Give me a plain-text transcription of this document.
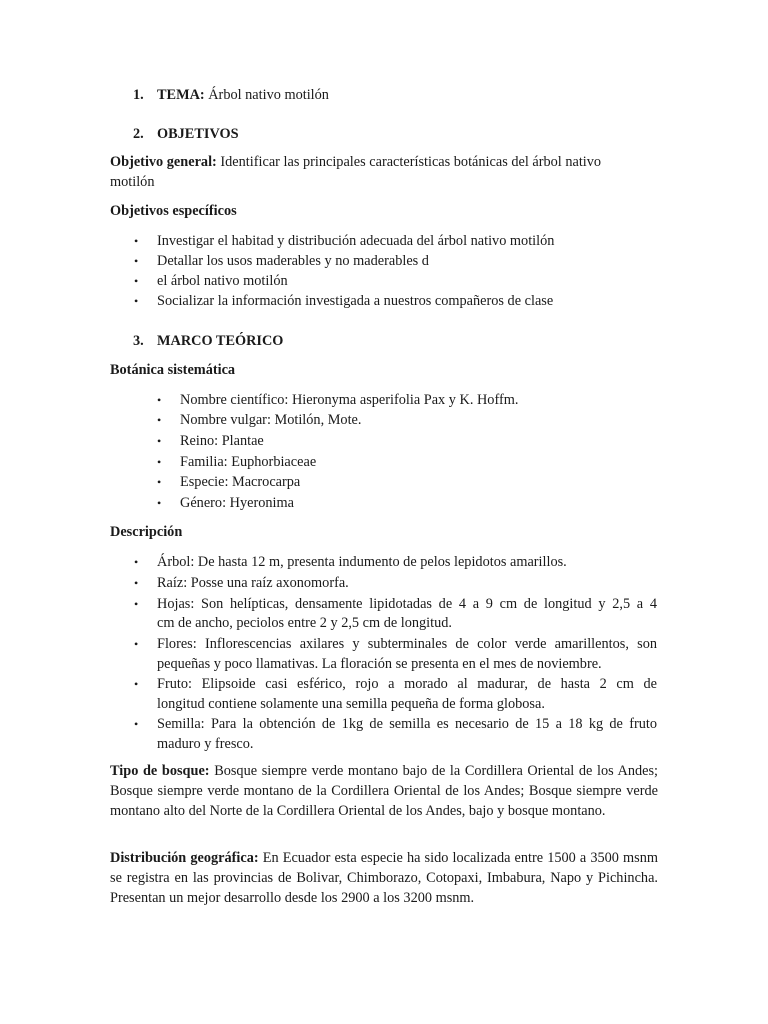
1. TEMA: Árbol nativo motilón
2. OBJETIVOS
Objetivo general: Identificar las principales características botánicas del árbol nativo
motilón
Objetivos específicos
• Investigar el habitad y distribución adecuada del árbol nativo motilón
• Detallar los usos maderables y no maderables d
• el árbol nativo motilón
• Socializar la información investigada a nuestros compañeros de clase
3. MARCO TEÓRICO
Botánica sistemática
• Nombre científico: Hieronyma asperifolia Pax y K. Hoffm.
• Nombre vulgar: Motilón, Mote.
• Reino: Plantae
• Familia: Euphorbiaceae
• Especie: Macrocarpa
• Género: Hyeronima
Descripción
• Árbol: De hasta 12 m, presenta indumento de pelos lepidotos amarillos.
• Raíz: Posse una raíz axonomorfa.
• Hojas: Son helípticas, densamente lipidotadas de 4 a 9 cm de longitud y 2,5 a 4
cm de ancho, peciolos entre 2 y 2,5 cm de longitud.
• Flores: Inflorescencias axilares y subterminales de color verde amarillentos, son
pequeñas y poco llamativas. La floración se presenta en el mes de noviembre.
• Fruto: Elipsoide casi esférico, rojo a morado al madurar, de hasta 2 cm de
longitud contiene solamente una semilla pequeña de forma globosa.
• Semilla: Para la obtención de 1kg de semilla es necesario de 15 a 18 kg de fruto
maduro y fresco.
Tipo de bosque: Bosque siempre verde montano bajo de la Cordillera Oriental de los Andes; Bosque siempre verde montano de la Cordillera Oriental de los Andes; Bosque siempre verde montano alto del Norte de la Cordillera Oriental de los Andes, bajo y bosque montano.
Distribución geográfica: En Ecuador esta especie ha sido localizada entre 1500 a 3500 msnm se registra en las provincias de Bolivar, Chimborazo, Cotopaxi, Imbabura, Napo y Pichincha. Presentan un mejor desarrollo desde los 2900 a los 3200 msnm.
